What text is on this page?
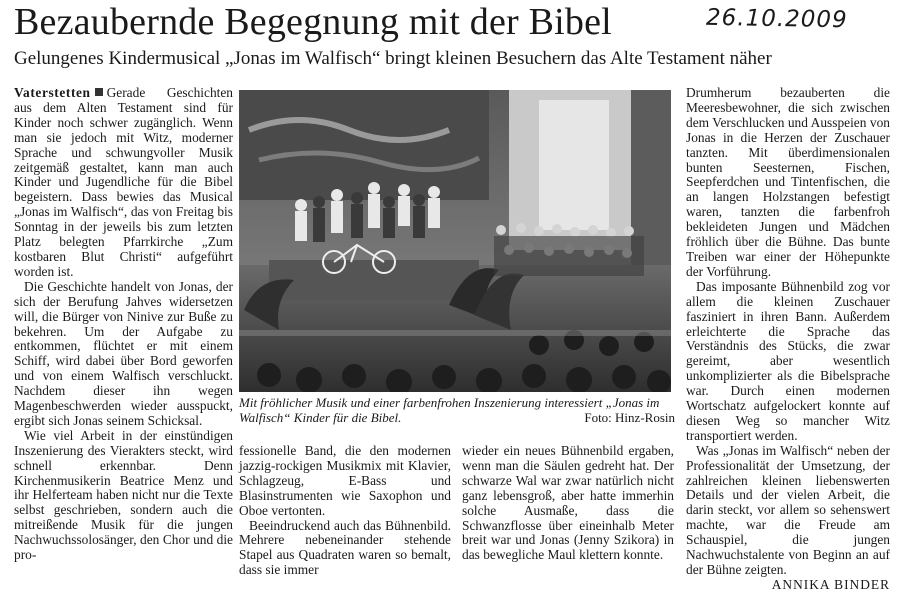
Bezaubernde Begegnung mit der Bibel	26.10.2009
Gelungenes Kindermusical „Jonas im Walfisch“ bringt kleinen Besuchern das Alte Testament näher

Vaterstetten Gerade Geschichten aus dem Alten Testament sind für Kinder noch schwer zugänglich. Wenn man sie jedoch mit Witz, moderner Sprache und schwungvoller Musik zeitgemäß gestaltet, kann man auch Kinder und Jugendliche für die Bibel begeistern. Dass bewies das Musical „Jonas im Walfisch“, das von Freitag bis Sonntag in der jeweils bis zum letzten Platz belegten Pfarrkirche „Zum kostbaren Blut Christi“ aufgeführt worden ist.

Die Geschichte handelt von Jonas, der sich der Berufung Jahves widersetzen will, die Bürger von Ninive zur Buße zu bekehren. Um der Aufgabe zu entkommen, flüchtet er mit einem Schiff, wird dabei über Bord geworfen und von einem Walfisch verschluckt. Nachdem dieser ihn wegen Magenbeschwerden wieder ausspuckt, ergibt sich Jonas seinem Schicksal.

Wie viel Arbeit in der einstündigen Inszenierung des Vierakters steckt, wird schnell erkennbar. Denn Kirchenmusikerin Beatrice Menz und ihr Helferteam haben nicht nur die Texte selbst geschrieben, sondern auch die mitreißende Musik für die jungen Nachwuchssolosänger, den Chor und die pro-

Mit fröhlicher Musik und einer farbenfrohen Inszenierung interessiert „Jonas im Walfisch“ Kinder für die Bibel.	Foto: Hinz-Rosin

fessionelle Band, die den modernen jazzig-rockigen Musikmix mit Klavier, Schlagzeug, E-Bass und Blasinstrumenten wie Saxophon und Oboe vertonten.

Beeindruckend auch das Bühnenbild. Mehrere nebeneinander stehende Stapel aus Quadraten waren so bemalt, dass sie immer

wieder ein neues Bühnenbild ergaben, wenn man die Säulen gedreht hat. Der schwarze Wal war zwar natürlich nicht ganz lebensgroß, aber hatte immerhin solche Ausmaße, dass die Schwanzflosse über eineinhalb Meter breit war und Jonas (Jenny Szikora) in das bewegliche Maul klettern konnte.

Drumherum bezauberten die Meeresbewohner, die sich zwischen dem Verschlucken und Ausspeien von Jonas in die Herzen der Zuschauer tanzten. Mit überdimensionalen bunten Seesternen, Fischen, Seepferdchen und Tintenfischen, die an langen Holzstangen befestigt waren, tanzten die farbenfroh bekleideten Jungen und Mädchen fröhlich über die Bühne. Das bunte Treiben war einer der Höhepunkte der Vorführung.

Das imposante Bühnenbild zog vor allem die kleinen Zuschauer fasziniert in ihren Bann. Außerdem erleichterte die Sprache das Verständnis des Stücks, die zwar gereimt, aber wesentlich unkomplizierter als die Bibelsprache war. Durch einen modernen Wortschatz aufgelockert konnte auf diesen Weg so mancher Witz transportiert werden.

Was „Jonas im Walfisch“ neben der Professionalität der Umsetzung, der zahlreichen kleinen liebenswerten Details und der vielen Arbeit, die darin steckt, vor allem so sehenswert machte, war die Freude am Schauspiel, die jungen Nachwuchstalente von Beginn an auf der Bühne zeigten.

ANNIKA BINDER
